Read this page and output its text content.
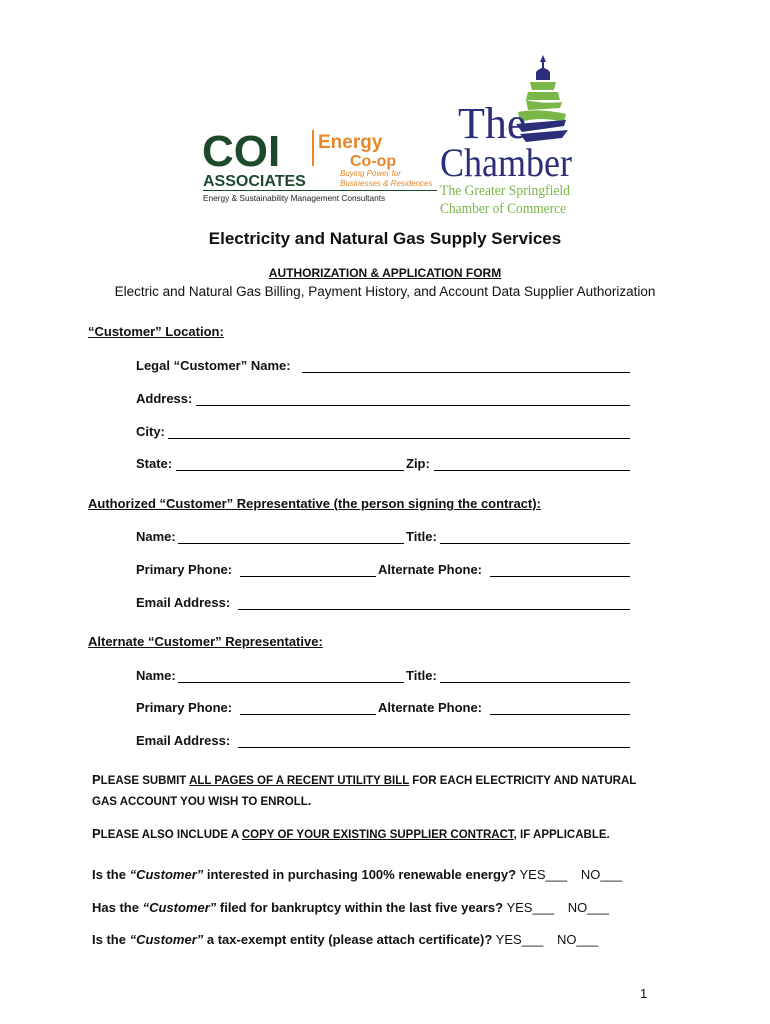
COI Energy
Co-op
Buying Power for
Businesses & Residences
ASSOCIATES
Energy & Sustainability Management Consultants
The
Chamber
The Greater Springfield
Chamber of Commerce
Electricity and Natural Gas Supply Services
AUTHORIZATION & APPLICATION FORM
Electric and Natural Gas Billing, Payment History, and Account Data Supplier Authorization
“Customer” Location:
Legal “Customer” Name:
Address:
City:
State:	Zip:
Authorized “Customer” Representative (the person signing the contract):
Name:	Title:
Primary Phone:	Alternate Phone:
Email Address:
Alternate “Customer” Representative:
Name:	Title:
Primary Phone:	Alternate Phone:
Email Address:
PLEASE SUBMIT ALL PAGES OF A RECENT UTILITY BILL FOR EACH ELECTRICITY AND NATURAL
GAS ACCOUNT YOU WISH TO ENROLL.
PLEASE ALSO INCLUDE A COPY OF YOUR EXISTING SUPPLIER CONTRACT, IF APPLICABLE.
Is the “Customer” interested in purchasing 100% renewable energy? YES___ NO___
Has the “Customer” filed for bankruptcy within the last five years? YES___ NO___
Is the “Customer” a tax-exempt entity (please attach certificate)? YES___ NO___
1
